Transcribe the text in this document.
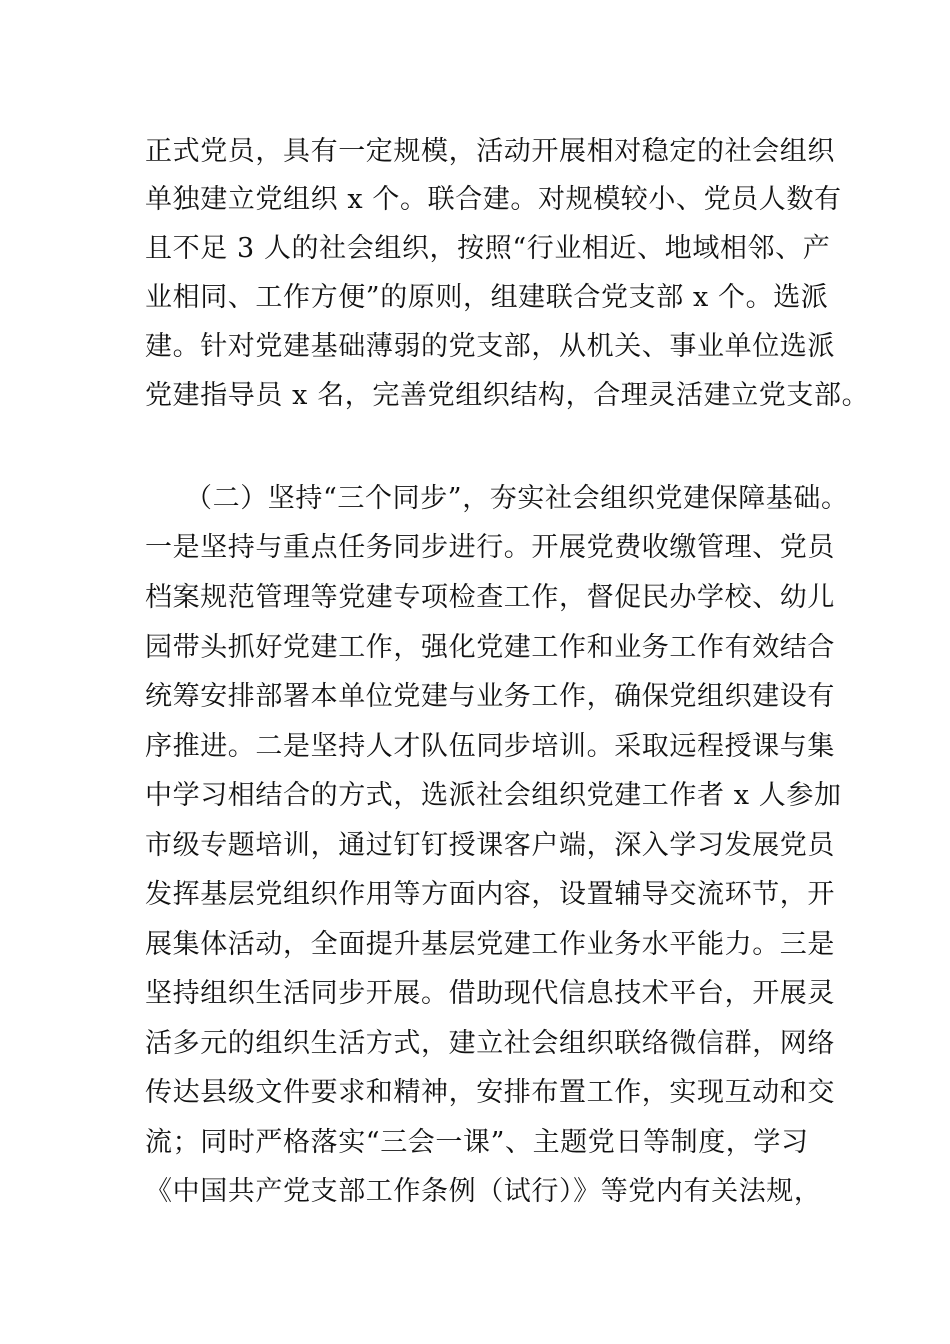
正式党员，具有一定规模，活动开展相对稳定的社会组织
单独建立党组织 x 个。联合建。对规模较小、党员人数有
且不足 3 人的社会组织，按照“行业相近、地域相邻、产
业相同、工作方便”的原则，组建联合党支部 x 个。选派
建。针对党建基础薄弱的党支部，从机关、事业单位选派
党建指导员 x 名，完善党组织结构，合理灵活建立党支部。
（二）坚持“三个同步”，夯实社会组织党建保障基础。
一是坚持与重点任务同步进行。开展党费收缴管理、党员
档案规范管理等党建专项检查工作，督促民办学校、幼儿
园带头抓好党建工作，强化党建工作和业务工作有效结合
统筹安排部署本单位党建与业务工作，确保党组织建设有
序推进。二是坚持人才队伍同步培训。采取远程授课与集
中学习相结合的方式，选派社会组织党建工作者 x 人参加
市级专题培训，通过钉钉授课客户端，深入学习发展党员
发挥基层党组织作用等方面内容，设置辅导交流环节，开
展集体活动，全面提升基层党建工作业务水平能力。三是
坚持组织生活同步开展。借助现代信息技术平台，开展灵
活多元的组织生活方式，建立社会组织联络微信群，网络
传达县级文件要求和精神，安排布置工作，实现互动和交
流；同时严格落实“三会一课”、主题党日等制度，学习
《中国共产党支部工作条例（试行）》等党内有关法规，
